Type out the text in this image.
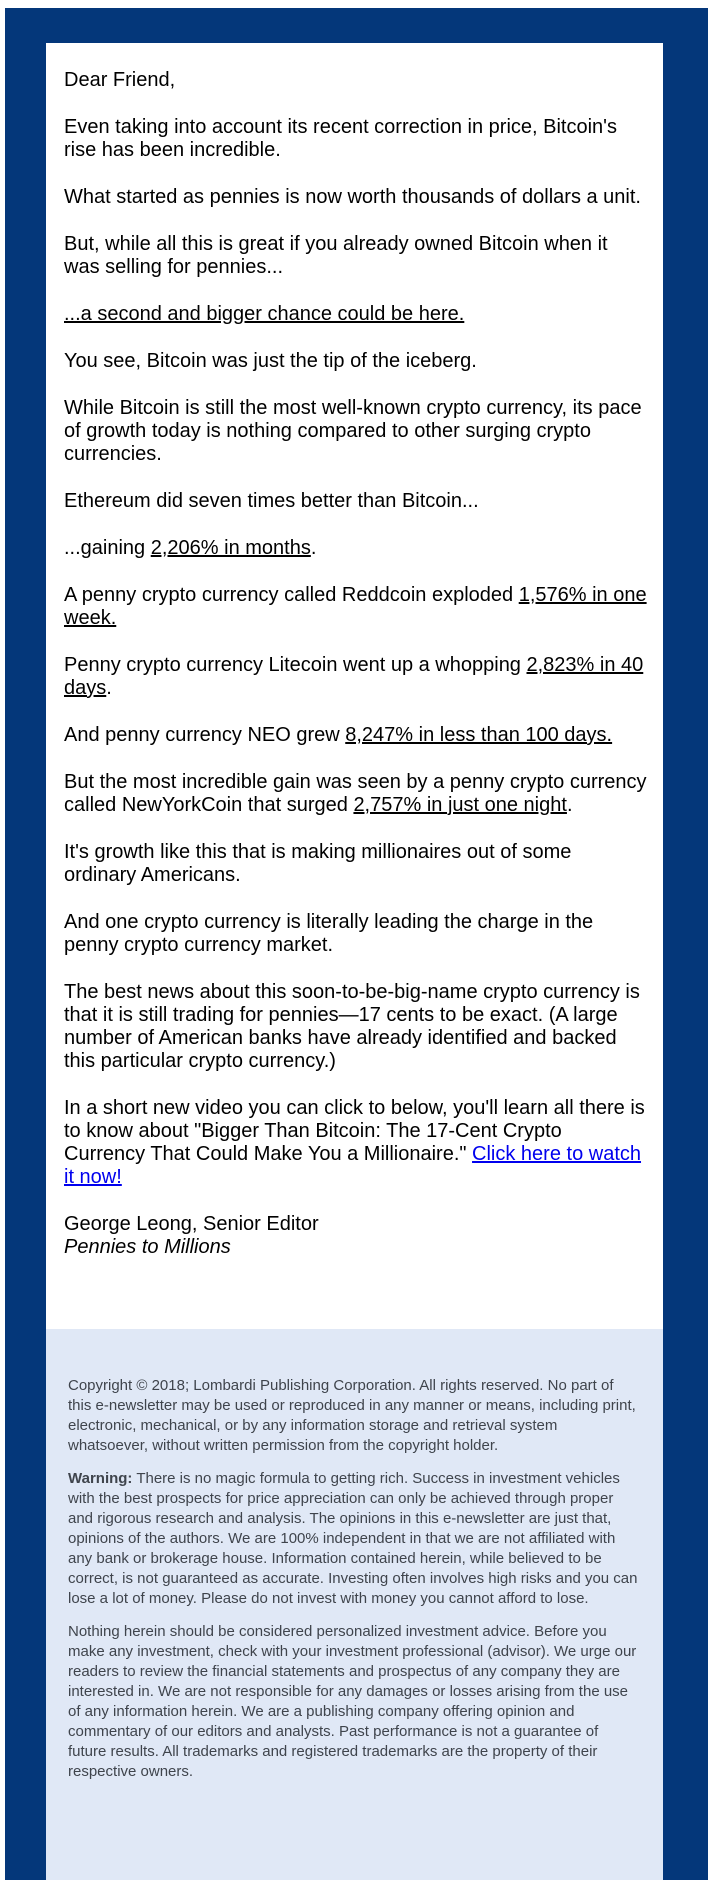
Dear Friend,

Even taking into account its recent correction in price, Bitcoin's rise has been incredible.

What started as pennies is now worth thousands of dollars a unit.

But, while all this is great if you already owned Bitcoin when it was selling for pennies...

...a second and bigger chance could be here.

You see, Bitcoin was just the tip of the iceberg.

While Bitcoin is still the most well-known crypto currency, its pace of growth today is nothing compared to other surging crypto currencies.

Ethereum did seven times better than Bitcoin...

...gaining 2,206% in months.

A penny crypto currency called Reddcoin exploded 1,576% in one week.

Penny crypto currency Litecoin went up a whopping 2,823% in 40 days.

And penny currency NEO grew 8,247% in less than 100 days.

But the most incredible gain was seen by a penny crypto currency called NewYorkCoin that surged 2,757% in just one night.

It's growth like this that is making millionaires out of some ordinary Americans.

And one crypto currency is literally leading the charge in the penny crypto currency market.

The best news about this soon-to-be-big-name crypto currency is that it is still trading for pennies—17 cents to be exact. (A large number of American banks have already identified and backed this particular crypto currency.)

In a short new video you can click to below, you'll learn all there is to know about "Bigger Than Bitcoin: The 17-Cent Crypto Currency That Could Make You a Millionaire." Click here to watch it now!

George Leong, Senior Editor
Pennies to Millions

Copyright © 2018; Lombardi Publishing Corporation. All rights reserved. No part of this e-newsletter may be used or reproduced in any manner or means, including print, electronic, mechanical, or by any information storage and retrieval system whatsoever, without written permission from the copyright holder.

Warning: There is no magic formula to getting rich. Success in investment vehicles with the best prospects for price appreciation can only be achieved through proper and rigorous research and analysis. The opinions in this e-newsletter are just that, opinions of the authors. We are 100% independent in that we are not affiliated with any bank or brokerage house. Information contained herein, while believed to be correct, is not guaranteed as accurate. Investing often involves high risks and you can lose a lot of money. Please do not invest with money you cannot afford to lose.

Nothing herein should be considered personalized investment advice. Before you make any investment, check with your investment professional (advisor). We urge our readers to review the financial statements and prospectus of any company they are interested in. We are not responsible for any damages or losses arising from the use of any information herein. We are a publishing company offering opinion and commentary of our editors and analysts. Past performance is not a guarantee of future results. All trademarks and registered trademarks are the property of their respective owners.
